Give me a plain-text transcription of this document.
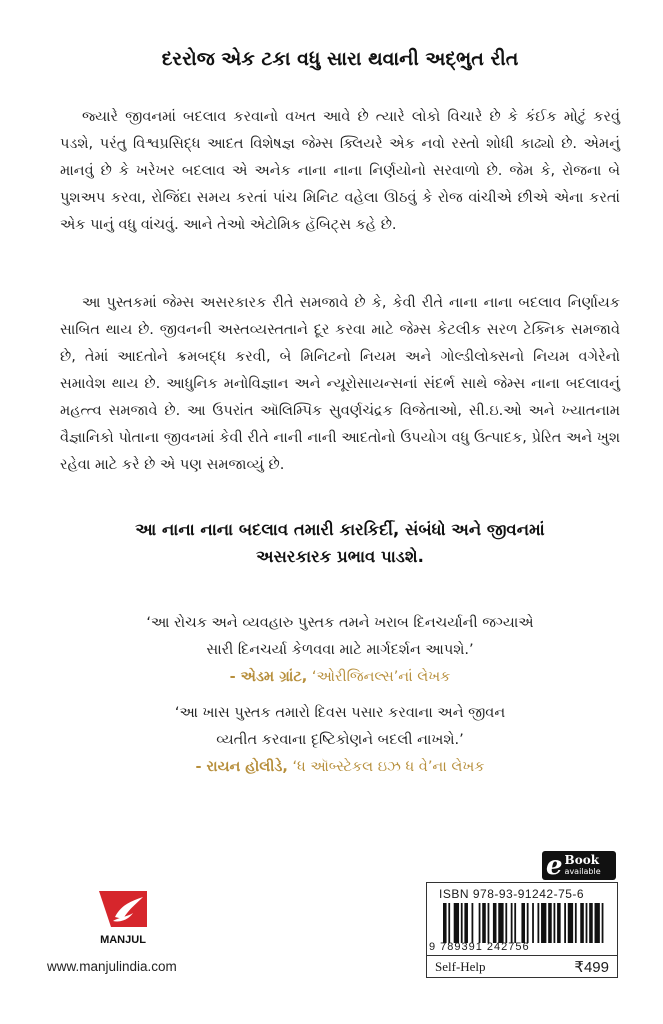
દરરોજ એક ટકા વધુ સારા થવાની અદ્ભુત રીત
જ્યારે જીવનમાં બદલાવ કરવાનો વખત આવે છે ત્યારે લોકો વિચારે છે કે કંઈક મોટું કરવું પડશે, પરંતુ વિશ્વપ્રસિદ્ધ આદત વિશેષજ્ઞ જેમ્સ ક્લિયરે એક નવો રસ્તો શોધી કાઢ્યો છે. એમનું માનવું છે કે ખરેખર બદલાવ એ અનેક નાના નાના નિર્ણયોનો સરવાળો છે. જેમ કે, રોજના બે પુશઅપ કરવા, રોજિંદા સમય કરતાં પાંચ મિનિટ વહેલા ઊઠવું કે રોજ વાંચીએ છીએ એના કરતાં એક પાનું વધુ વાંચવું. આને તેઓ એટોમિક હૅબિટ્સ કહે છે.
આ પુસ્તકમાં જેમ્સ અસરકારક રીતે સમજાવે છે કે, કેવી રીતે નાના નાના બદલાવ નિર્ણાયક સાબિત થાય છે. જીવનની અસ્તવ્યસ્તતાને દૂર કરવા માટે જેમ્સ કેટલીક સરળ ટેક્નિક સમજાવે છે, તેમાં આદતોને ક્રમબદ્ધ કરવી, બે મિનિટનો નિયમ અને ગોલ્ડીલોક્સનો નિયમ વગેરેનો સમાવેશ થાય છે. આધુનિક મનોવિજ્ઞાન અને ન્યૂરોસાયન્સનાં સંદર્ભ સાથે જેમ્સ નાના બદલાવનું મહત્ત્વ સમજાવે છે. આ ઉપરાંત ઑલિમ્પિક સુવર્ણચંદ્રક વિજેતાઓ, સી.ઇ.ઓ અને ખ્યાતનામ વૈજ્ઞાનિકો પોતાના જીવનમાં કેવી રીતે નાની નાની આદતોનો ઉપયોગ વધુ ઉત્પાદક, પ્રેરિત અને ખુશ રહેવા માટે કરે છે એ પણ સમજાવ્યું છે.
આ નાના નાના બદલાવ તમારી કારકિર્દી, સંબંધો અને જીવનમાં
અસરકારક પ્રભાવ પાડશે.
‘આ રોચક અને વ્યવહારુ પુસ્તક તમને ખરાબ દિનચર્યાની જગ્યાએ
સારી દિનચર્યા કેળવવા માટે માર્ગદર્શન આપશે.’
- એડમ ગ્રાંટ, ‘ઓરીજિનલ્સ’નાં લેખક
‘આ ખાસ પુસ્તક તમારો દિવસ પસાર કરવાના અને જીવન
વ્યતીત કરવાના દૃષ્ટિકોણને બદલી નાખશે.’
- રાયન હોલીડે, ‘ધ ઑબ્સ્ટેકલ ઇઝ ધ વે’ના લેખક
e Book
available
ISBN 978-93-91242-75-6
9 789391 242756
Self-Help	₹499
MANJUL
www.manjulindia.com
